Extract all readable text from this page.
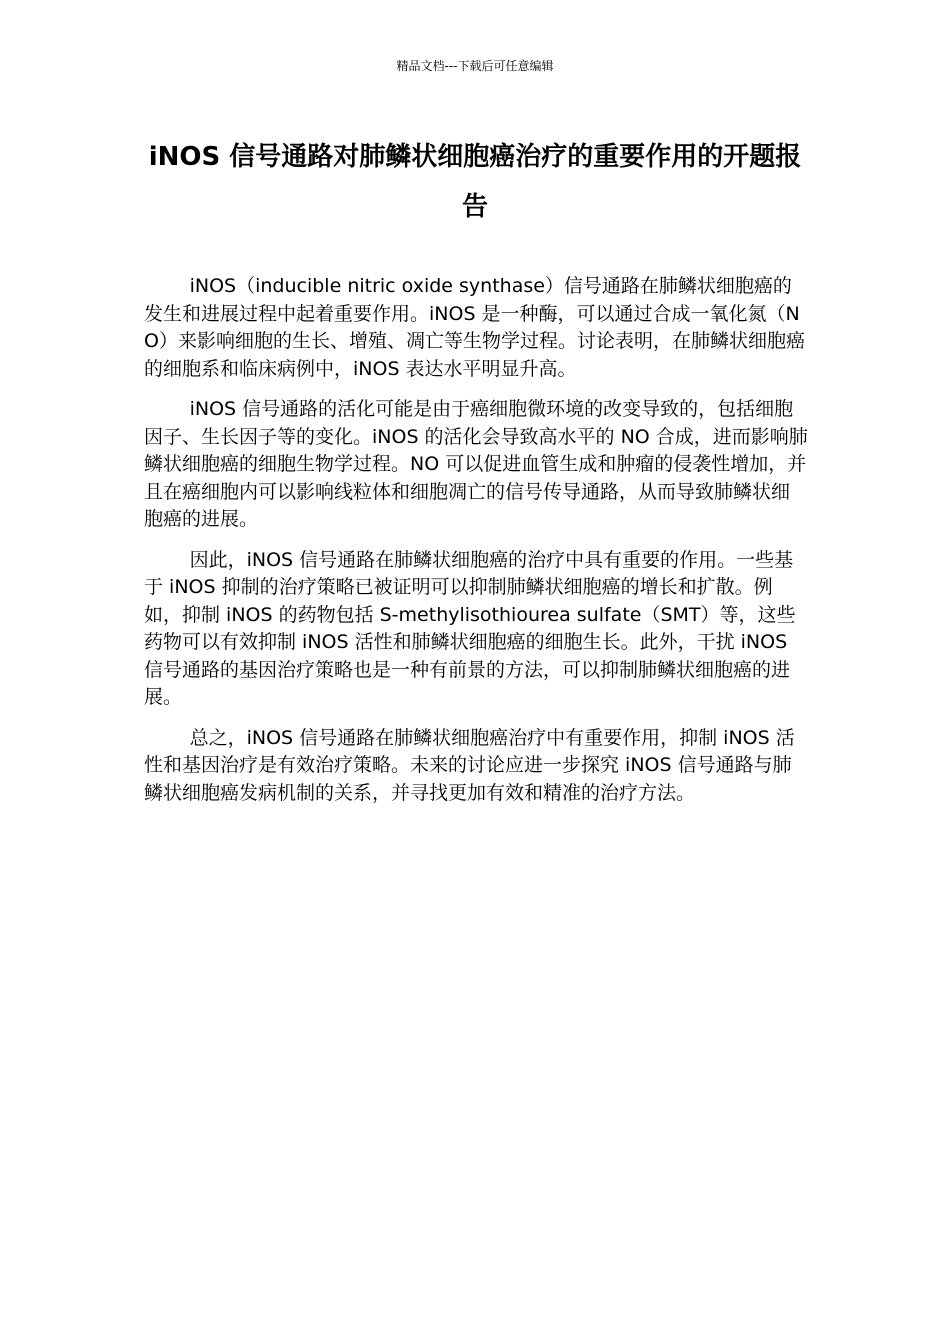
精品文档---下载后可任意编辑
iNOS 信号通路对肺鳞状细胞癌治疗的重要作用的开题报告

iNOS（inducible nitric oxide synthase）信号通路在肺鳞状细胞癌的发生和进展过程中起着重要作用。iNOS 是一种酶，可以通过合成一氧化氮（NO）来影响细胞的生长、增殖、凋亡等生物学过程。讨论表明，在肺鳞状细胞癌的细胞系和临床病例中，iNOS 表达水平明显升高。

iNOS 信号通路的活化可能是由于癌细胞微环境的改变导致的，包括细胞因子、生长因子等的变化。iNOS 的活化会导致高水平的 NO 合成，进而影响肺鳞状细胞癌的细胞生物学过程。NO 可以促进血管生成和肿瘤的侵袭性增加，并且在癌细胞内可以影响线粒体和细胞凋亡的信号传导通路，从而导致肺鳞状细胞癌的进展。

因此，iNOS 信号通路在肺鳞状细胞癌的治疗中具有重要的作用。一些基于 iNOS 抑制的治疗策略已被证明可以抑制肺鳞状细胞癌的增长和扩散。例如，抑制 iNOS 的药物包括 S-methylisothiourea sulfate（SMT）等，这些药物可以有效抑制 iNOS 活性和肺鳞状细胞癌的细胞生长。此外，干扰 iNOS 信号通路的基因治疗策略也是一种有前景的方法，可以抑制肺鳞状细胞癌的进展。

总之，iNOS 信号通路在肺鳞状细胞癌治疗中有重要作用，抑制 iNOS 活性和基因治疗是有效治疗策略。未来的讨论应进一步探究 iNOS 信号通路与肺鳞状细胞癌发病机制的关系，并寻找更加有效和精准的治疗方法。
